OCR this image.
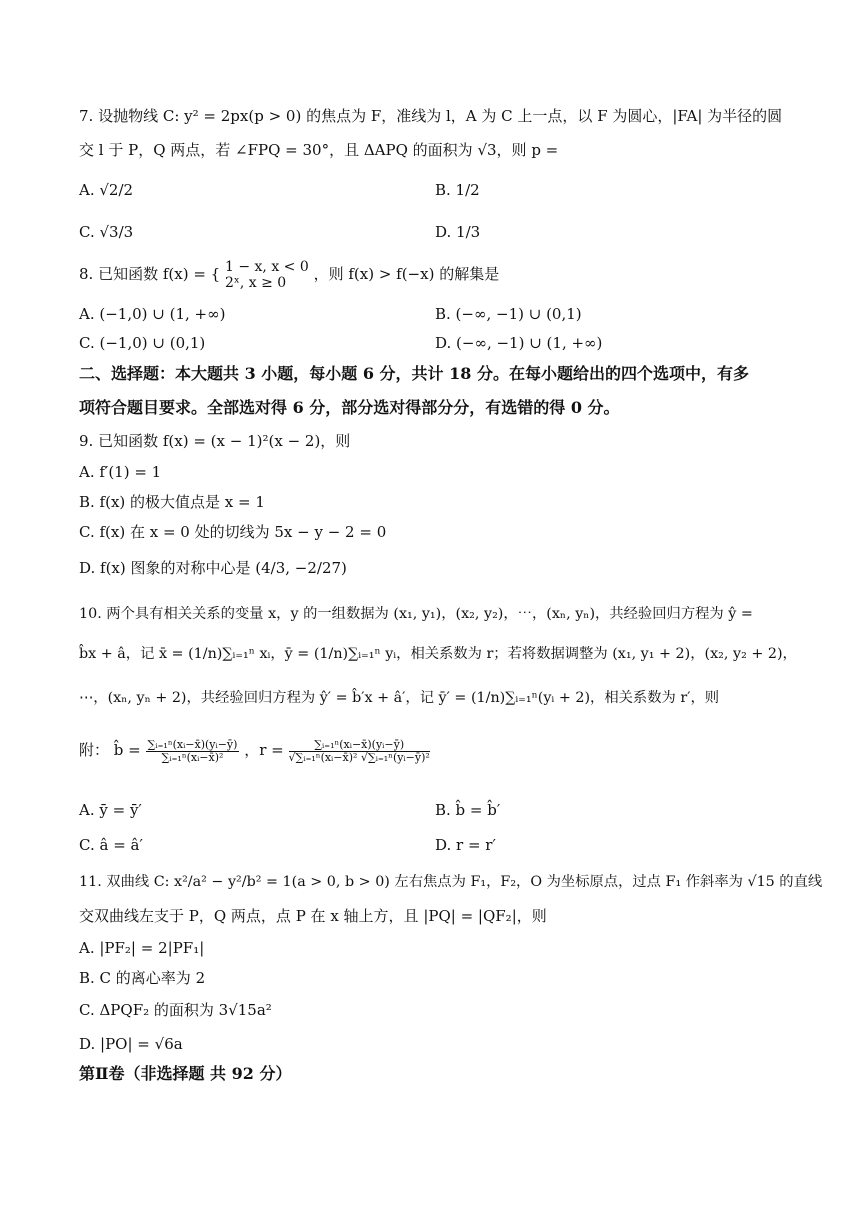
7. 设抛物线 C: y² = 2px(p > 0) 的焦点为 F，准线为 l，A 为 C 上一点，以 F 为圆心，|FA| 为半径的圆
交 l 于 P，Q 两点，若 ∠FPQ = 30°，且 ΔAPQ 的面积为 √3，则 p =
A. √2/2	B. 1/2
C. √3/3	D. 1/3
8. 已知函数 f(x) = { 1 − x, x < 0
2ˣ, x ≥ 0	，则 f(x) > f(−x) 的解集是
A. (−1,0) ∪ (1, +∞)	B. (−∞, −1) ∪ (0,1)
C. (−1,0) ∪ (0,1)	D. (−∞, −1) ∪ (1, +∞)
二、选择题：本大题共 3 小题，每小题 6 分，共计 18 分。在每小题给出的四个选项中，有多
项符合题目要求。全部选对得 6 分，部分选对得部分分，有选错的得 0 分。
9. 已知函数 f(x) = (x − 1)²(x − 2)，则
A. f′(1) = 1
B. f(x) 的极大值点是 x = 1
C. f(x) 在 x = 0 处的切线为 5x − y − 2 = 0
D. f(x) 图象的对称中心是 (4/3, −2/27)
10. 两个具有相关关系的变量 x，y 的一组数据为 (x₁, y₁)，(x₂, y₂)，⋯，(xₙ, yₙ)，共经验回归方程为 ŷ =
b̂x + â，记 x̄ = (1/n)∑ᵢ₌₁ⁿ xᵢ，ȳ = (1/n)∑ᵢ₌₁ⁿ yᵢ，相关系数为 r；若将数据调整为 (x₁, y₁ + 2)，(x₂, y₂ + 2)，
⋯，(xₙ, yₙ + 2)，共经验回归方程为 ŷ′ = b̂′x + â′，记 ȳ′ = (1/n)∑ᵢ₌₁ⁿ(yᵢ + 2)，相关系数为 r′，则
附： b̂ = $\frac{\text{∑ᵢ₌₁ⁿ(xᵢ−x̄)(yᵢ−ȳ)}}{\text{∑ᵢ₌₁ⁿ(xᵢ−x̄)²}}$ ，$r = \frac{\text{∑ᵢ₌₁ⁿ(xᵢ−x̄)(yᵢ−ȳ)}}{\text{√∑ᵢ₌₁ⁿ(xᵢ−x̄)² √∑ᵢ₌₁ⁿ(yᵢ−ȳ)²}}$
A. ȳ = ȳ′	B. b̂ = b̂′
C. â = â′	D. r = r′
11. 双曲线 C: x²/a² − y²/b² = 1(a > 0, b > 0) 左右焦点为 F₁，F₂，O 为坐标原点，过点 F₁ 作斜率为 √15 的直线
交双曲线左支于 P，Q 两点，点 P 在 x 轴上方，且 |PQ| = |QF₂|，则
A. |PF₂| = 2|PF₁|
B. C 的离心率为 2
C. ΔPQF₂ 的面积为 3√15a²
D. |PO| = √6a
第Ⅱ卷（非选择题 共 92 分）
